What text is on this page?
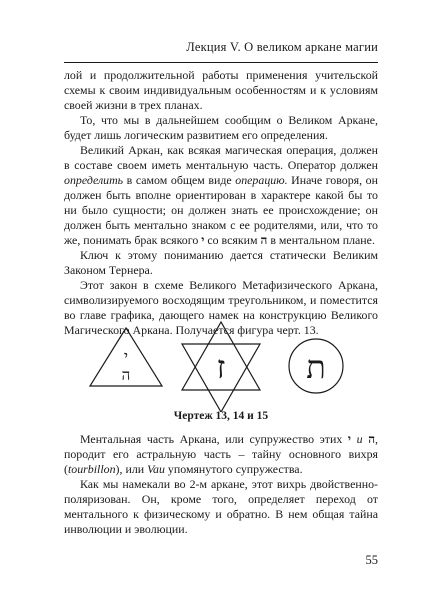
Лекция V. О великом аркане магии

лой и продолжительной работы применения учительской схемы к своим индивидуальным особенностям и к условиям своей жизни в трех планах.

То, что мы в дальнейшем сообщим о Великом Аркане, будет лишь логическим развитием его определения.

Великий Аркан, как всякая магическая операция, должен в составе своем иметь ментальную часть. Оператор должен определить в самом общем виде операцию. Иначе говоря, он должен быть вполне ориентирован в характере какой бы то ни было сущности; он должен знать ее происхождение; он должен быть ментально знаком с ее родителями, или, что то же, понимать брак всякого י со всяким ה в ментальном плане.

Ключ к этому пониманию дается статически Великим Законом Тернера.

Этот закон в схеме Великого Метафизического Аркана, символизируемого восходящим треугольником, и поместится во главе графика, дающего намек на конструкцию Великого Магического Аркана. Получается фигура черт. 13.

י
ה	ז	ת
Чертеж 13, 14 и 15

Ментальная часть Аркана, или супружество этих י и ה, породит его астральную часть – тайну основного вихря (tourbillon), или Vau упомянутого супружества.

Как мы намекали во 2-м аркане, этот вихрь двойственно-поляризован. Он, кроме того, определяет переход от ментального к физическому и обратно. В нем общая тайна инволюции и эволюции.

55
